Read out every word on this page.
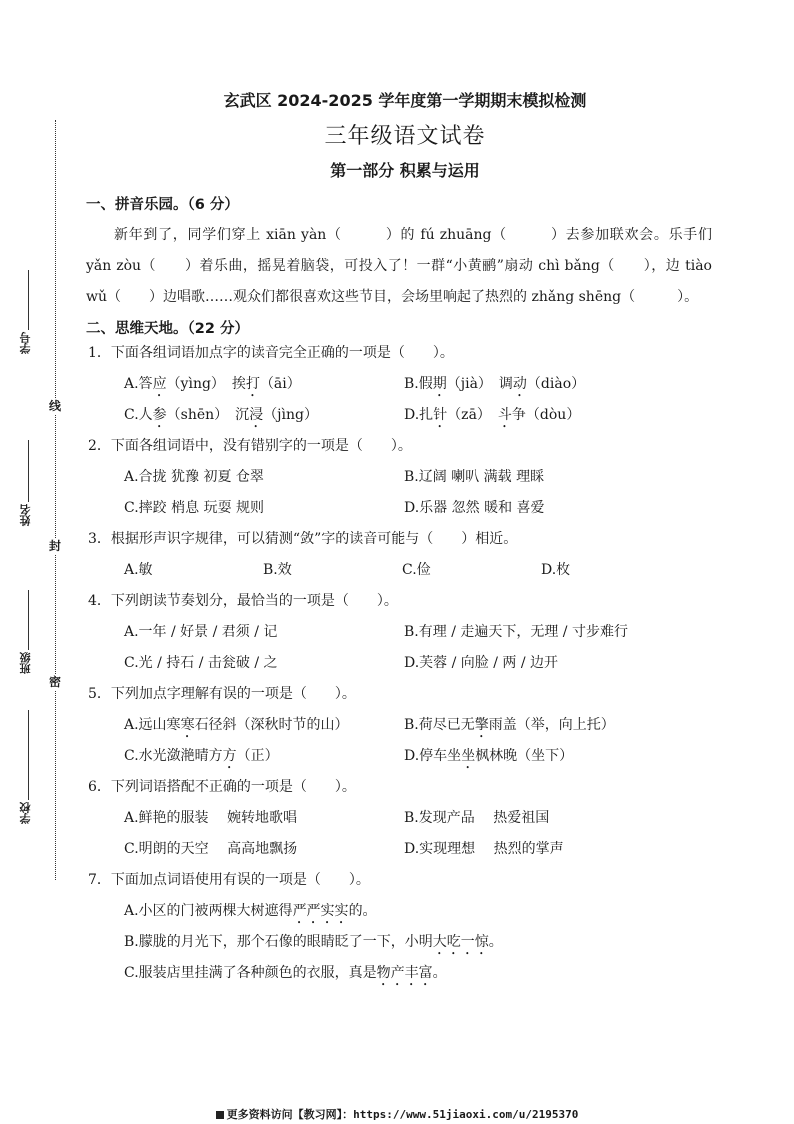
线
封
密
学号
姓名
班级
学校
玄武区 2024-2025 学年度第一学期期末模拟检测
三年级语文试卷
第一部分 积累与运用
一、拼音乐园。（6 分）
新年到了，同学们穿上 xiān yàn（　　　）的 fú zhuāng（　　　）去参加联欢会。乐手们 yǎn zòu（　　）着乐曲，摇晃着脑袋，可投入了！一群“小黄鹂”扇动 chì bǎng（　　），边 tiào wǔ（　　）边唱歌……观众们都很喜欢这些节目，会场里响起了热烈的 zhǎng shēng（　　　）。
二、思维天地。（22 分）
1．下面各组词语加点字的读音完全正确的一项是（　　）。
A.答应（yìng）　挨打（āi）	B.假期（jià）　调动（diào）
C.人参（shēn）　沉浸（jìng）	D.扎针（zā）　斗争（dòu）
2．下面各组词语中，没有错别字的一项是（　　）。
A.合拢 犹豫 初夏 仓翠	B.辽阔 喇叭 满载 理睬
C.摔跤 梢息 玩耍 规则	D.乐器 忽然 暖和 喜爱
3．根据形声识字规律，可以猜测“敛”字的读音可能与（　　）相近。
A.敏	B.效	C.俭	D.枚
4．下列朗读节奏划分，最恰当的一项是（　　）。
A.一年 / 好景 / 君须 / 记	B.有理 / 走遍天下，无理 / 寸步难行
C.光 / 持石 / 击瓮破 / 之	D.芙蓉 / 向脸 / 两 / 边开
5．下列加点字理解有误的一项是（　　）。
A.远山寒寒石径斜（深秋时节的山）	B.荷尽已无擎雨盖（举，向上托）
C.水光潋滟晴方方（正）	D.停车坐坐枫林晚（坐下）
6．下列词语搭配不正确的一项是（　　）。
A.鲜艳的服装　 婉转地歌唱	B.发现产品　 热爱祖国
C.明朗的天空　 高高地飘扬	D.实现理想　 热烈的掌声
7．下面加点词语使用有误的一项是（　　）。
A.小区的门被两棵大树遮得严严实实的。
B.朦胧的月光下，那个石像的眼睛眨了一下，小明大吃一惊。
C.服装店里挂满了各种颜色的衣服，真是物产丰富。
更多资料访问【教习网】：https://www.51jiaoxi.com/u/2195370
